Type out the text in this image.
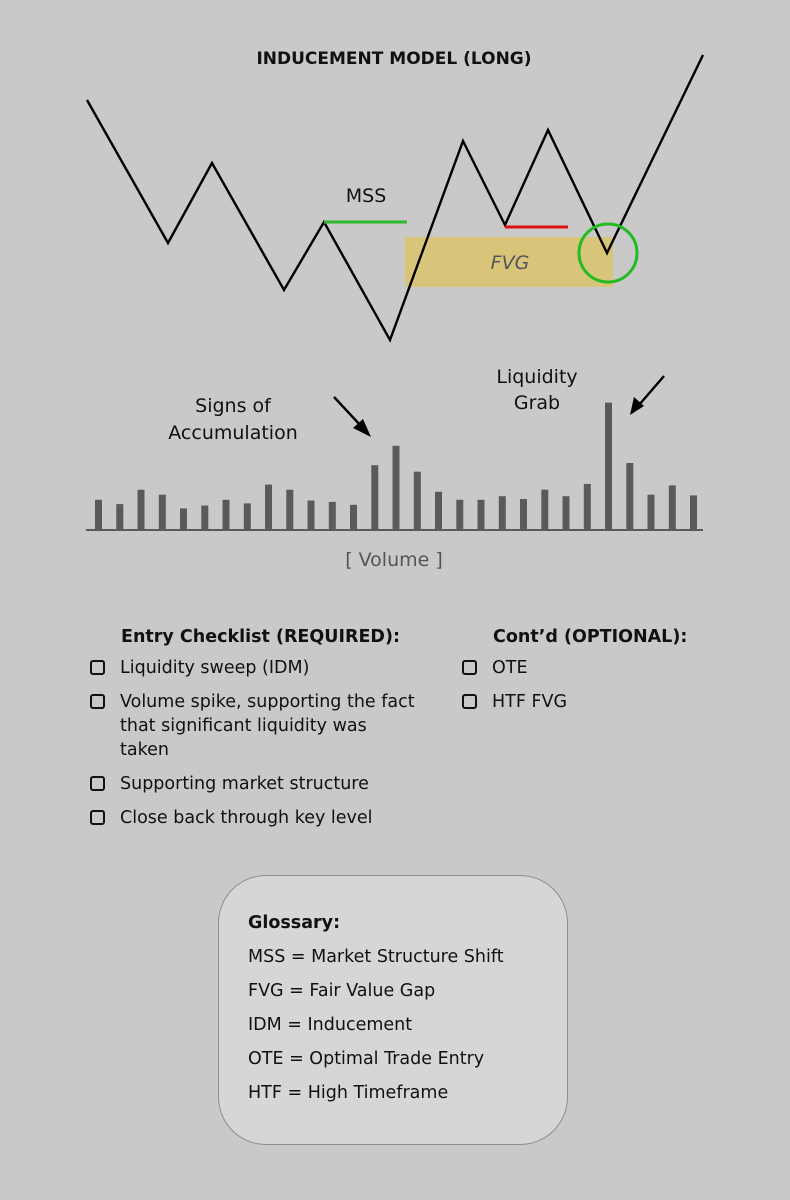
INDUCEMENT MODEL (LONG)
FVG
MSS
Signs of
Accumulation
Liquidity
Grab
[ Volume ]
Entry Checklist (REQUIRED):
Liquidity sweep (IDM)
Volume spike, supporting the fact that significant liquidity was taken
Supporting market structure
Close back through key level
Cont’d (OPTIONAL):
OTE
HTF FVG
Glossary:
MSS = Market Structure Shift
FVG = Fair Value Gap
IDM = Inducement
OTE = Optimal Trade Entry
HTF = High Timeframe
